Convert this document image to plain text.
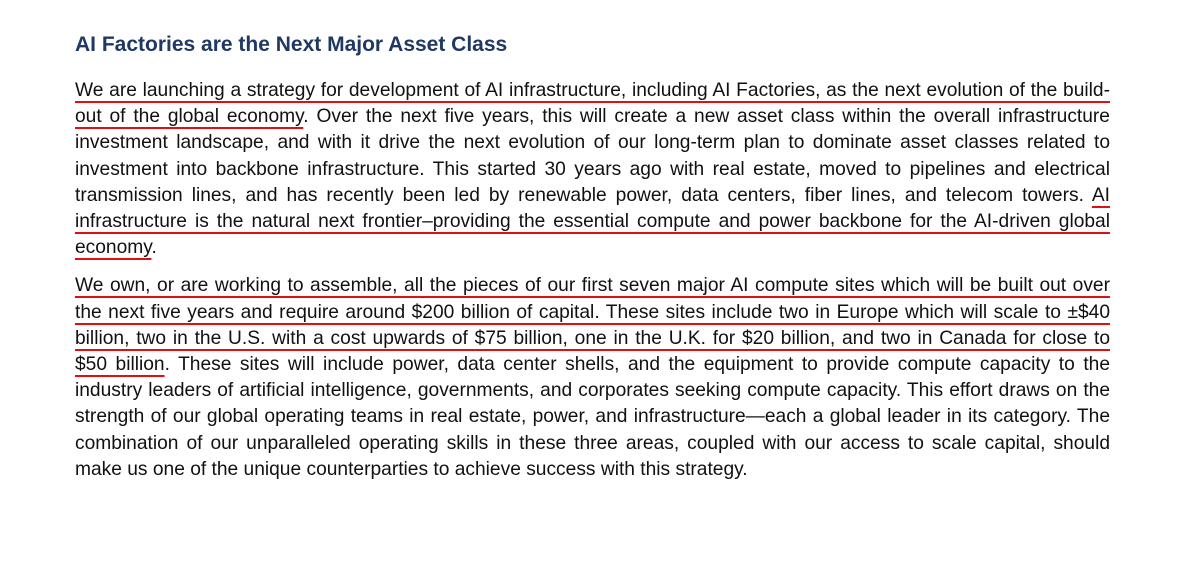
AI Factories are the Next Major Asset Class

We are launching a strategy for development of AI infrastructure, including AI Factories, as the next evolution of the build-out of the global economy. Over the next five years, this will create a new asset class within the overall infrastructure investment landscape, and with it drive the next evolution of our long-term plan to dominate asset classes related to investment into backbone infrastructure. This started 30 years ago with real estate, moved to pipelines and electrical transmission lines, and has recently been led by renewable power, data centers, fiber lines, and telecom towers. AI infrastructure is the natural next frontier–providing the essential compute and power backbone for the AI-driven global economy.

We own, or are working to assemble, all the pieces of our first seven major AI compute sites which will be built out over the next five years and require around $200 billion of capital. These sites include two in Europe which will scale to ±$40 billion, two in the U.S. with a cost upwards of $75 billion, one in the U.K. for $20 billion, and two in Canada for close to $50 billion. These sites will include power, data center shells, and the equipment to provide compute capacity to the industry leaders of artificial intelligence, governments, and corporates seeking compute capacity. This effort draws on the strength of our global operating teams in real estate, power, and infrastructure—each a global leader in its category. The combination of our unparalleled operating skills in these three areas, coupled with our access to scale capital, should make us one of the unique counterparties to achieve success with this strategy.
